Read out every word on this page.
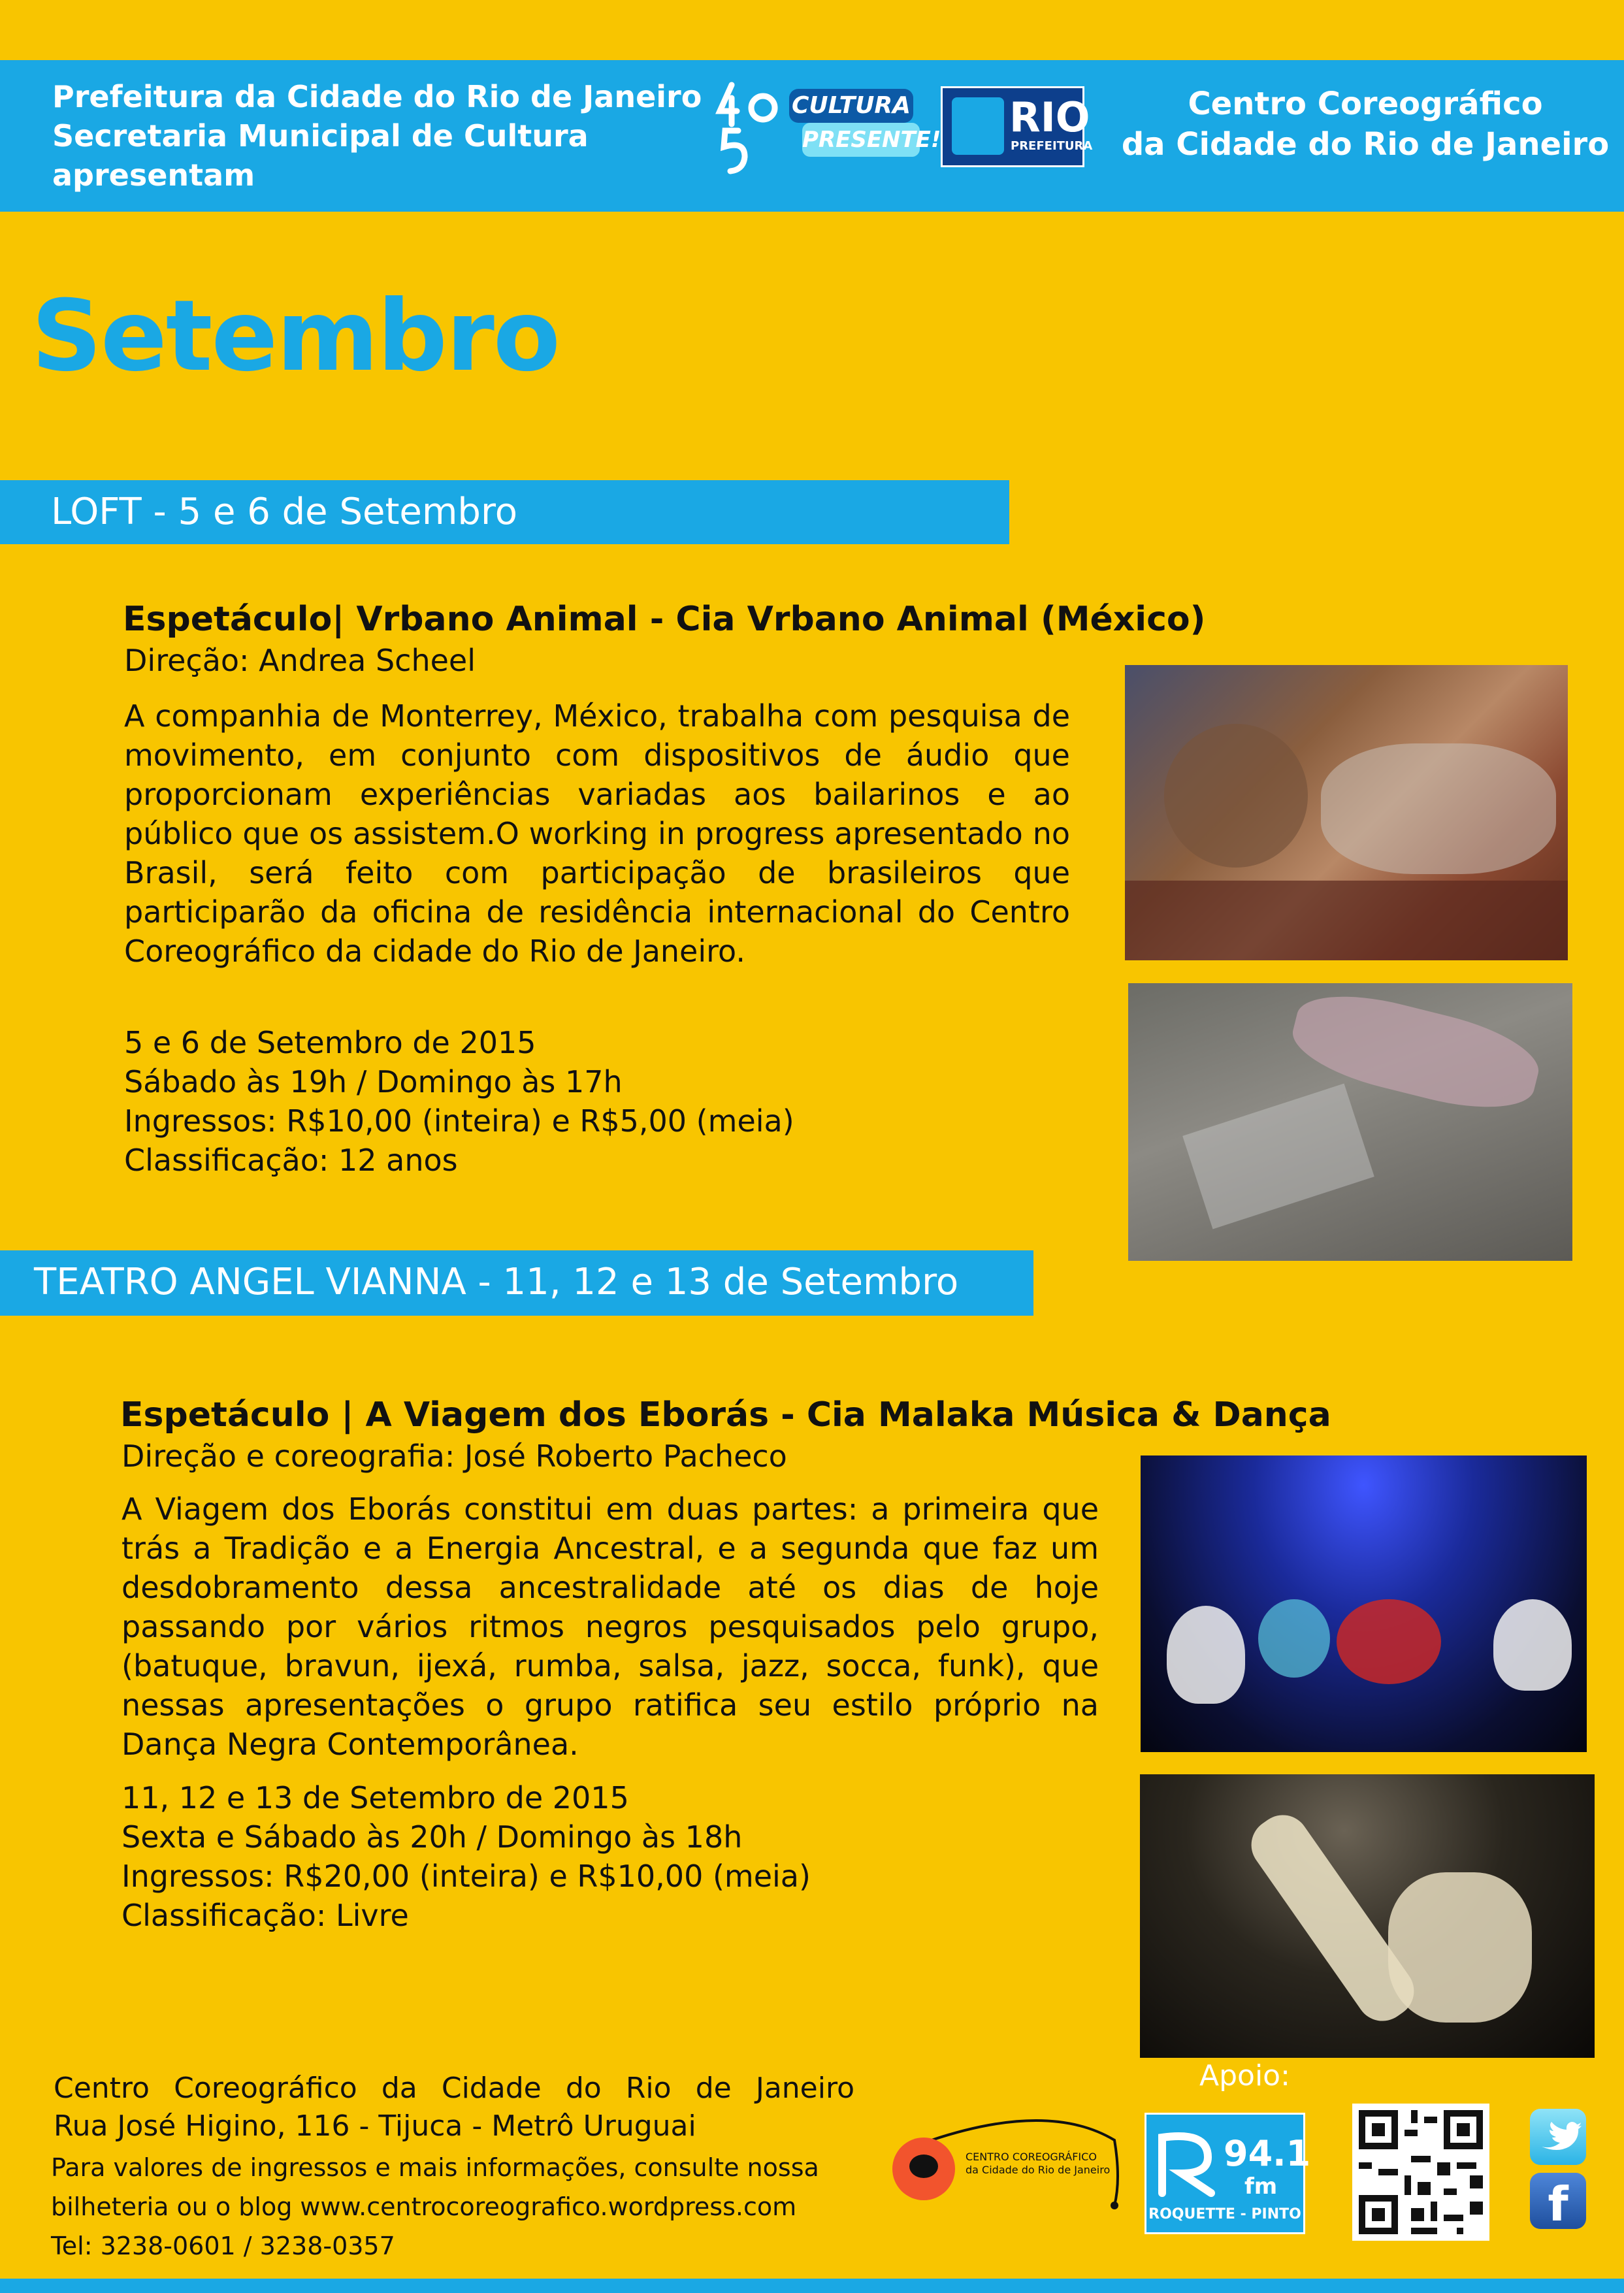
Prefeitura da Cidade do Rio de Janeiro
Secretaria Municipal de Cultura
apresentam
CULTURA
PRESENTE! RIO
PREFEITURA
Centro Coreográfico
da Cidade do Rio de Janeiro
Setembro
LOFT - 5 e 6 de Setembro
Espetáculo| Vrbano Animal - Cia Vrbano Animal (México)
Direção: Andrea Scheel
A companhia de Monterrey, México, trabalha com pesquisa de movimento, em conjunto com dispositivos de áudio que proporcionam experiências variadas aos bailarinos e ao público que os assistem.O working in progress apresentado no Brasil, será feito com participação de brasileiros que participarão da oficina de residência internacional do Centro Coreográfico da cidade do Rio de Janeiro.
5 e 6 de Setembro de 2015
Sábado às 19h / Domingo às 17h
Ingressos: R$10,00 (inteira) e R$5,00 (meia)
Classificação: 12 anos
TEATRO ANGEL VIANNA - 11, 12 e 13 de Setembro
Espetáculo | A Viagem dos Eborás - Cia Malaka Música & Dança
Direção e coreografia: José Roberto Pacheco
A Viagem dos Eborás constitui em duas partes: a primeira que trás a Tradição e a Energia Ancestral, e a segunda que faz um desdobramento dessa ancestralidade até os dias de hoje passando por vários ritmos negros pesquisados pelo grupo, (batuque, bravun, ijexá, rumba, salsa, jazz, socca, funk), que nessas apresentações o grupo ratifica seu estilo próprio na Dança Negra Contemporânea.
11, 12 e 13 de Setembro de 2015
Sexta e Sábado às 20h / Domingo às 18h
Ingressos: R$20,00 (inteira) e R$10,00 (meia)
Classificação: Livre
Centro Coreográfico da Cidade do Rio de Janeiro
Rua José Higino, 116 - Tijuca - Metrô Uruguai
Para valores de ingressos e mais informações, consulte nossa
bilheteria ou o blog www.centrocoreografico.wordpress.com
Tel: 3238-0601 / 3238-0357
Apoio:
CENTRO COREOGRÁFICO
da Cidade do Rio de Janeiro	94.1
fm
ROQUETTE - PINTO	f
